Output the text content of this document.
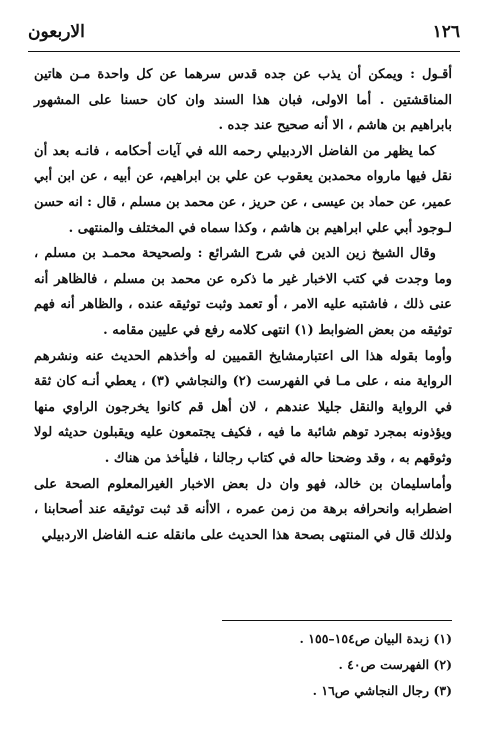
١٢٦
الاربعون

أقـول : ويمكن أن يذب عن جده قدس سرهما عن كل واحدة مـن هاتين المناقشتين . أما الاولى، فبان هذا السند وان كان حسنا على المشهور بابراهيم بن هاشم ، الا أنه صحيح عند جده .

كما يظهر من الفاضل الاردبيلي رحمه الله في آيات أحكامه ، فانـه بعد أن نقل فيها مارواه محمدبن يعقوب عن علي بن ابراهيم، عن أبيه ، عن ابن أبي عمير، عن حماد بن عيسى ، عن حريز ، عن محمد بن مسلم ، قال : انه حسن لـوجود أبي علي ابراهيم بن هاشم ، وكذا سماه في المختلف والمنتهى .

وقال الشيخ زين الدين في شرح الشرائع : ولصحيحة محمـد بن مسلم ، وما وجدت في كتب الاخبار غير ما ذكره عن محمد بن مسلم ، فالظاهر أنه عنى ذلك ، فاشتبه عليه الامر ، أو تعمد وثبت توثيقه عنده ، والظاهر أنه فهم توثيقه من بعض الضوابط (١) انتهى كلامه رفع في عليين مقامه .

وأوما بقوله هذا الى اعتبارمشايخ القميين له وأخذهم الحديث عنه ونشرهم الرواية منه ، على مـا في الفهرست (٢) والنجاشي (٣) ، يعطي أنـه كان ثقة في الرواية والنقل جليلا عندهم ، لان أهل قم كانوا يخرجون الراوي منها ويؤذونه بمجرد توهم شائبة ما فيه ، فكيف يجتمعون عليه ويقبلون حديثه لولا وثوقهم به ، وقد وضحنا حاله في كتاب رجالنا ، فليأخذ من هناك .

وأماسليمان بن خالد، فهو وان دل بعض الاخبار الغيرالمعلوم الصحة على اضطرابه وانحرافه برهة من زمن عمره ، الاأنه قد ثبت توثيقه عند أصحابنا ، ولذلك قال في المنتهى بصحة هذا الحديث على مانقله عنـه الفاضل الاردبيلي

(١) زبدة البيان ص١٥٤–١٥٥ .
(٢) الفهرست ص٤٠ .
(٣) رجال النجاشي ص١٦ .
